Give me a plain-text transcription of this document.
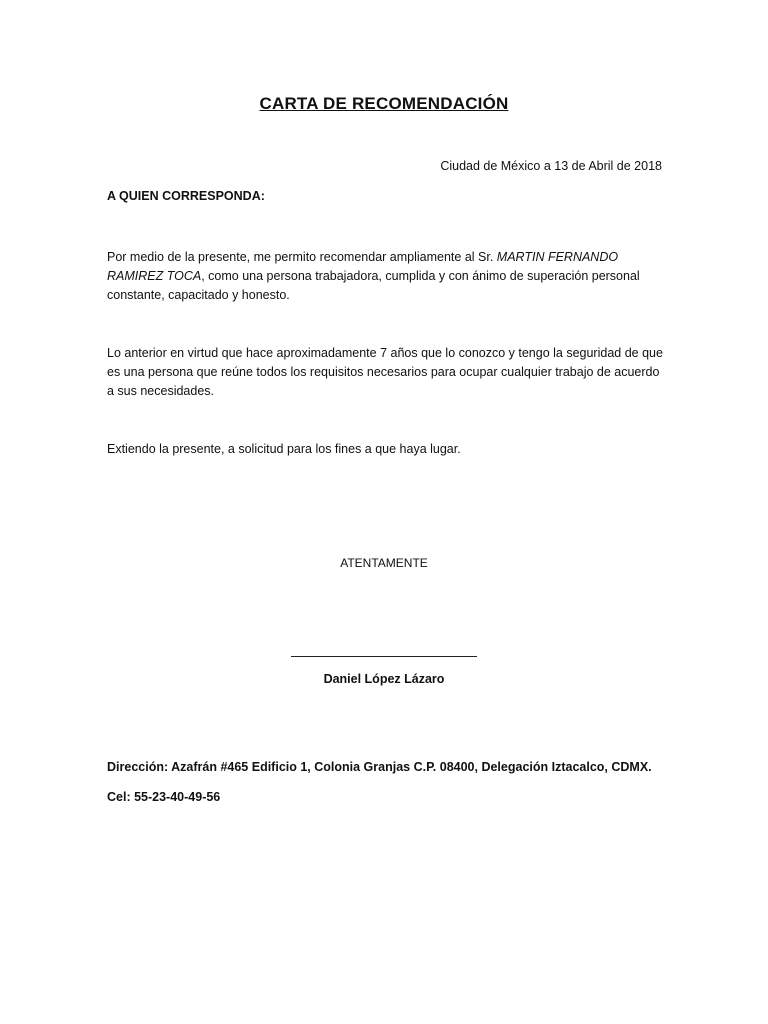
CARTA DE RECOMENDACIÓN
Ciudad de México a 13 de Abril de 2018
A QUIEN CORRESPONDA:
Por medio de la presente, me permito recomendar ampliamente al Sr. MARTIN FERNANDO RAMIREZ TOCA, como una persona trabajadora, cumplida y con ánimo de superación personal constante, capacitado y honesto.
Lo anterior en virtud que hace aproximadamente 7 años que lo conozco y tengo la seguridad de que es una persona que reúne todos los requisitos necesarios para ocupar cualquier trabajo de acuerdo a sus necesidades.
Extiendo la presente, a solicitud para los fines a que haya lugar.
ATENTAMENTE
Daniel López Lázaro
Dirección: Azafrán #465 Edificio 1, Colonia Granjas C.P. 08400, Delegación Iztacalco, CDMX.
Cel: 55-23-40-49-56
